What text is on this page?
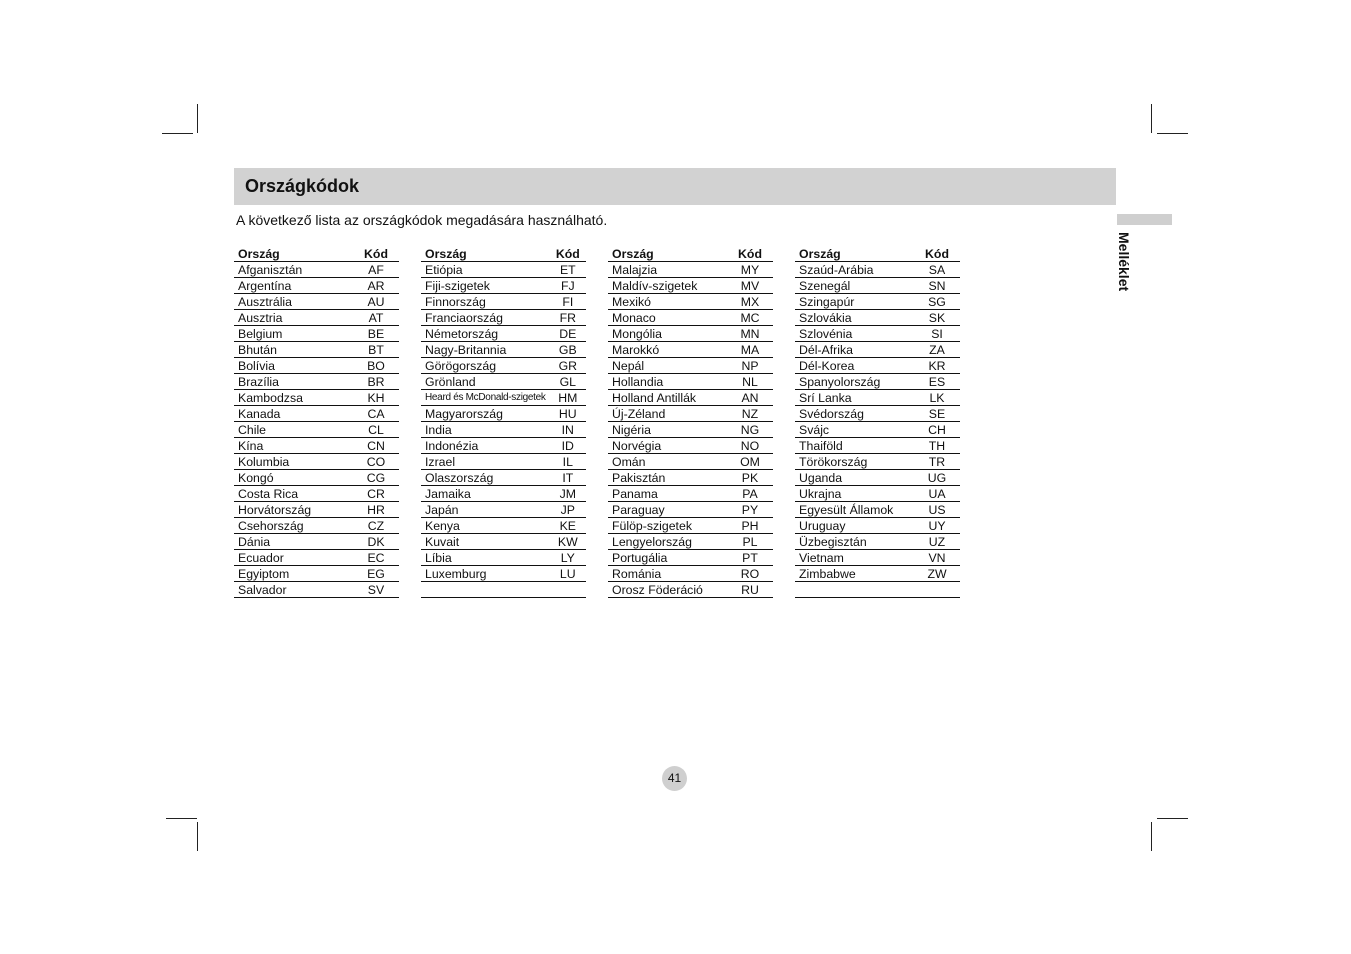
Országkódok
A következő lista az országkódok megadására használható.
Melléklet
Ország	Kód
Afganisztán	AF
Argentína	AR
Ausztrália	AU
Ausztria	AT
Belgium	BE
Bhután	BT
Bolívia	BO
Brazília	BR
Kambodzsa	KH
Kanada	CA
Chile	CL
Kína	CN
Kolumbia	CO
Kongó	CG
Costa Rica	CR
Horvátország	HR
Csehország	CZ
Dánia	DK
Ecuador	EC
Egyiptom	EG
Salvador	SV
Ország	Kód
Etiópia	ET
Fiji-szigetek	FJ
Finnország	FI
Franciaország	FR
Németország	DE
Nagy-Britannia	GB
Görögország	GR
Grönland	GL
Heard és McDonald-szigetek	HM
Magyarország	HU
India	IN
Indonézia	ID
Izrael	IL
Olaszország	IT
Jamaika	JM
Japán	JP
Kenya	KE
Kuvait	KW
Líbia	LY
Luxemburg	LU

Ország	Kód
Malajzia	MY
Maldív-szigetek	MV
Mexikó	MX
Monaco	MC
Mongólia	MN
Marokkó	MA
Nepál	NP
Hollandia	NL
Holland Antillák	AN
Új-Zéland	NZ
Nigéria	NG
Norvégia	NO
Omán	OM
Pakisztán	PK
Panama	PA
Paraguay	PY
Fülöp-szigetek	PH
Lengyelország	PL
Portugália	PT
Románia	RO
Orosz Föderáció	RU
Ország	Kód
Szaúd-Arábia	SA
Szenegál	SN
Szingapúr	SG
Szlovákia	SK
Szlovénia	SI
Dél-Afrika	ZA
Dél-Korea	KR
Spanyolország	ES
Srí Lanka	LK
Svédország	SE
Svájc	CH
Thaiföld	TH
Törökország	TR
Uganda	UG
Ukrajna	UA
Egyesült Államok	US
Uruguay	UY
Üzbegisztán	UZ
Vietnam	VN
Zimbabwe	ZW

41
